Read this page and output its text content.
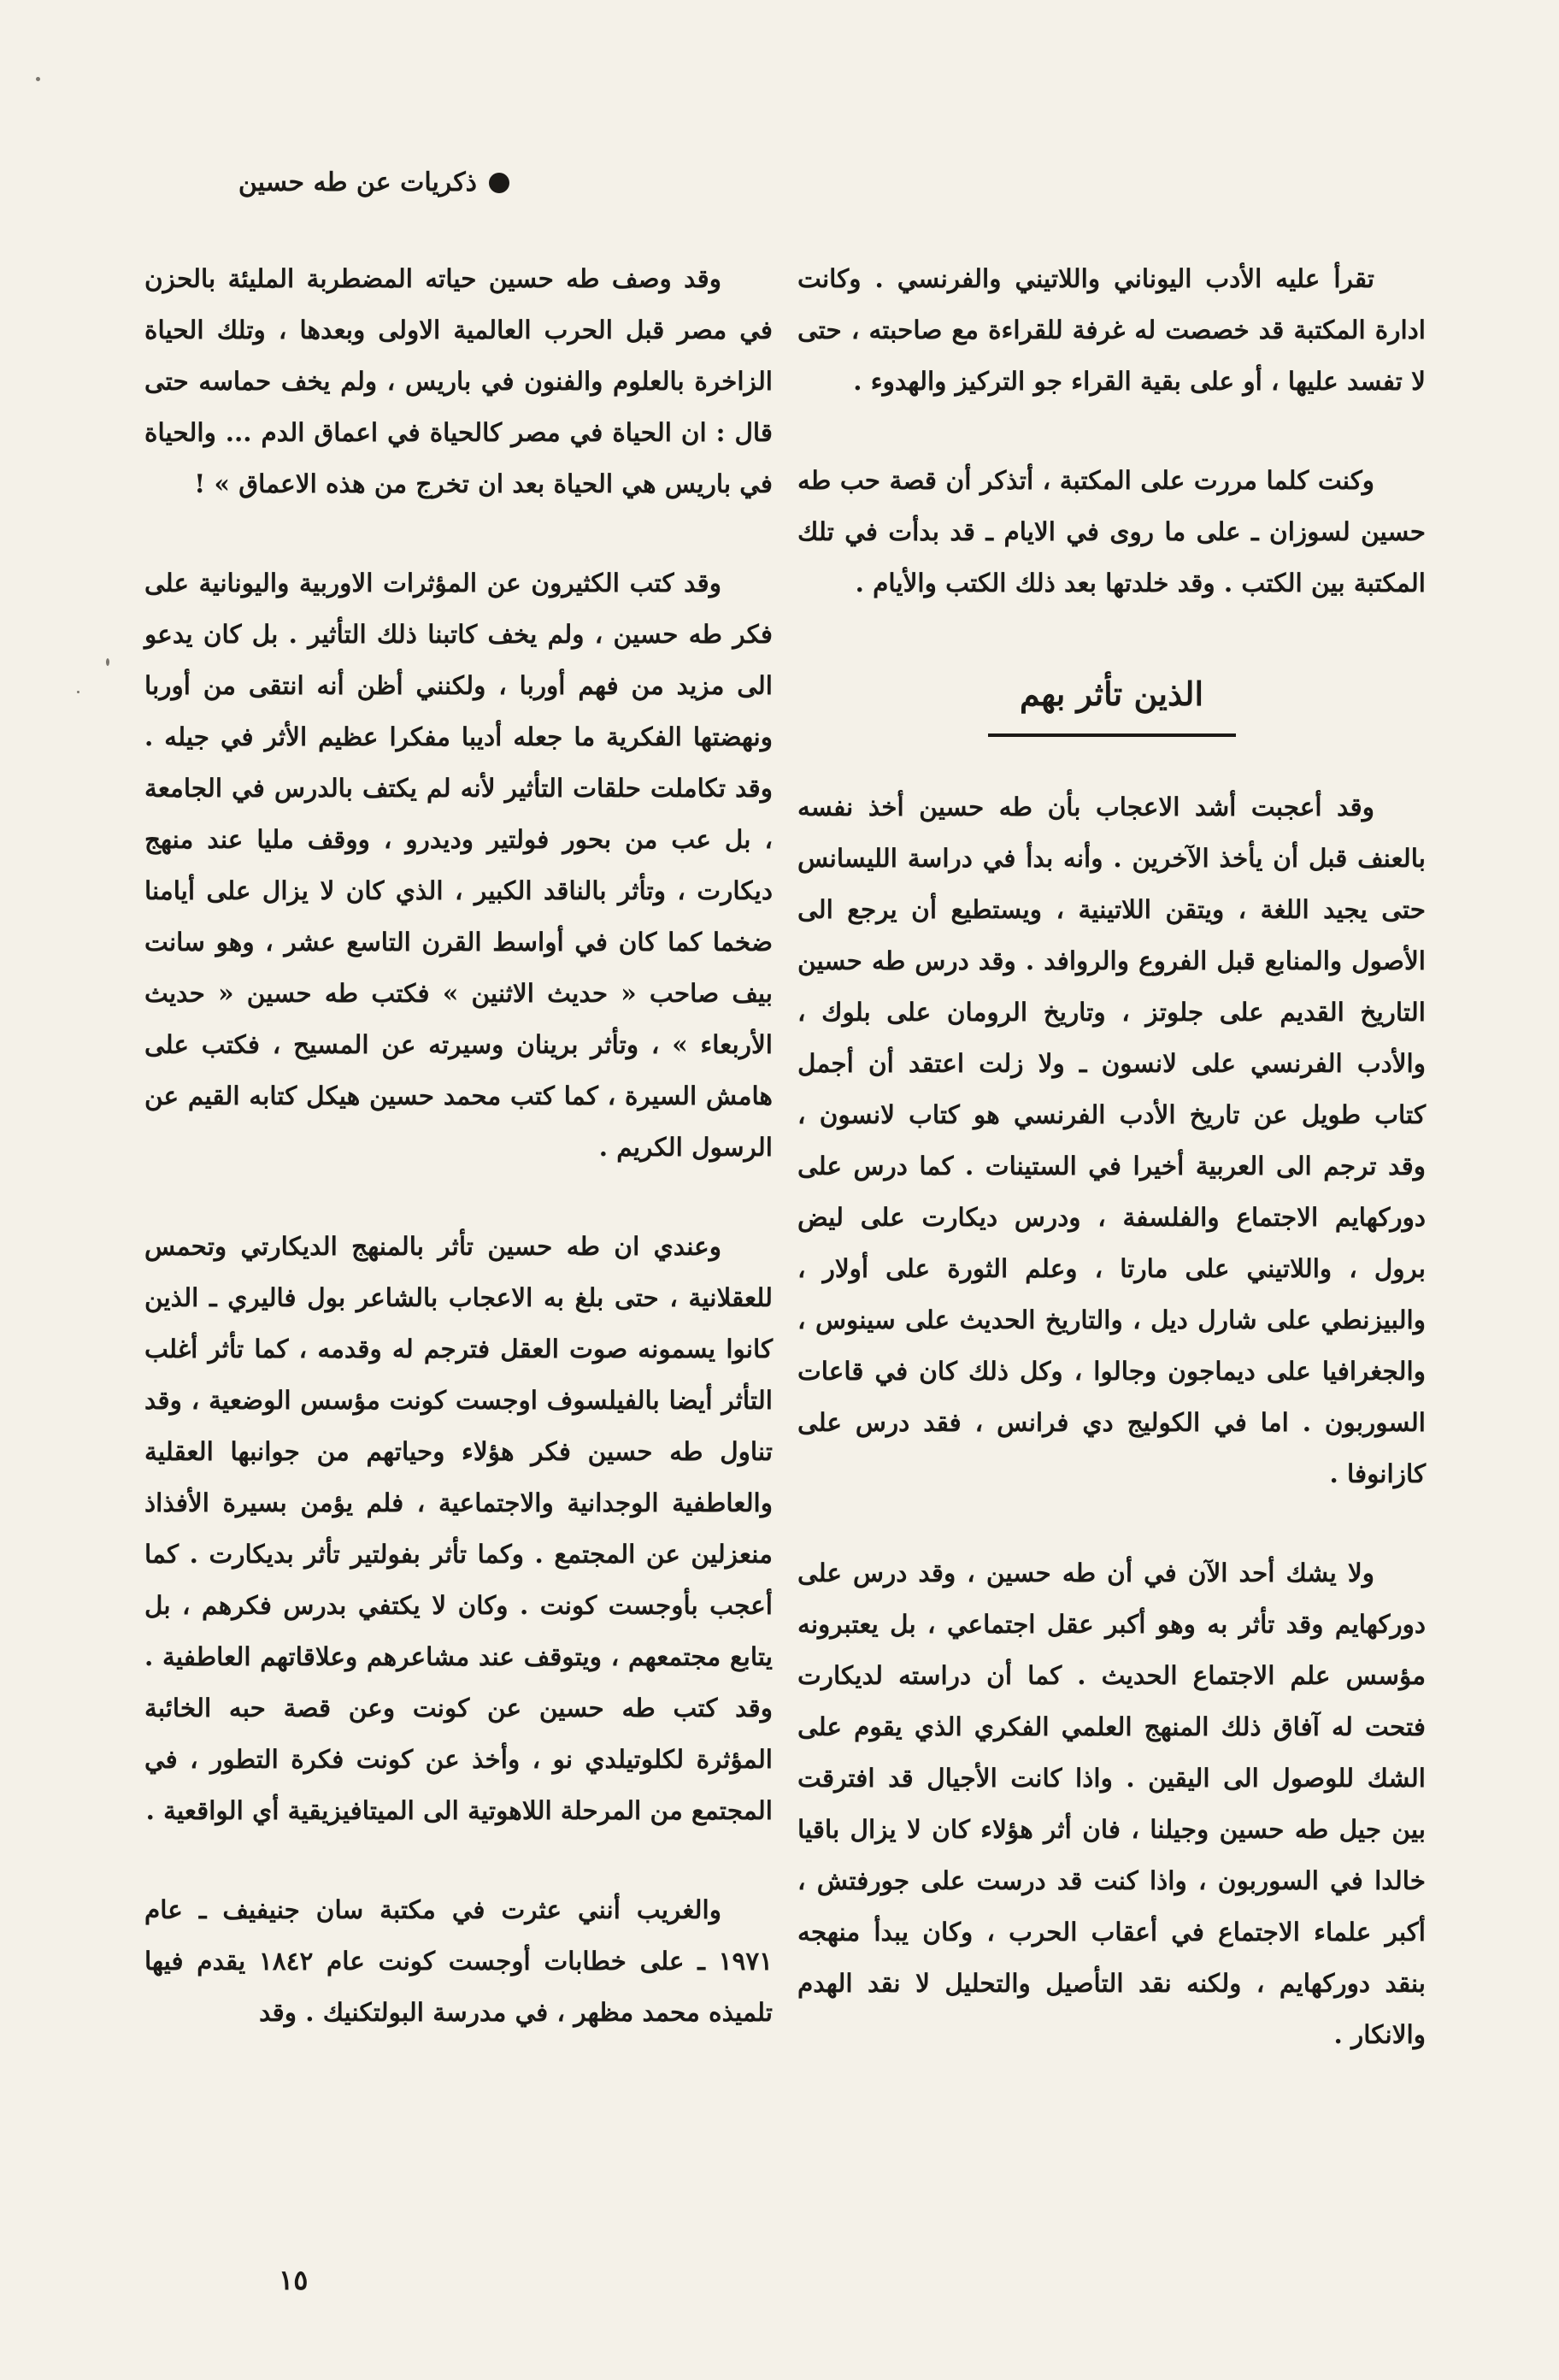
ذكريات عن طه حسين

تقرأ عليه الأدب اليوناني واللاتيني والفرنسي . وكانت ادارة المكتبة قد خصصت له غرفة للقراءة مع صاحبته ، حتى لا تفسد عليها ، أو على بقية القراء جو التركيز والهدوء .

وكنت كلما مررت على المكتبة ، أتذكر أن قصة حب طه حسين لسوزان ـ على ما روى في الايام ـ قد بدأت في تلك المكتبة بين الكتب . وقد خلدتها بعد ذلك الكتب والأيام .

الذين تأثر بهم

وقد أعجبت أشد الاعجاب بأن طه حسين أخذ نفسه بالعنف قبل أن يأخذ الآخرين . وأنه بدأ في دراسة الليسانس حتى يجيد اللغة ، ويتقن اللاتينية ، ويستطيع أن يرجع الى الأصول والمنابع قبل الفروع والروافد . وقد درس طه حسين التاريخ القديم على جلوتز ، وتاريخ الرومان على بلوك ، والأدب الفرنسي على لانسون ـ ولا زلت اعتقد أن أجمل كتاب طويل عن تاريخ الأدب الفرنسي هو كتاب لانسون ، وقد ترجم الى العربية أخيرا في الستينات . كما درس على دوركهايم الاجتماع والفلسفة ، ودرس ديكارت على ليض برول ، واللاتيني على مارتا ، وعلم الثورة على أولار ، والبيزنطي على شارل ديل ، والتاريخ الحديث على سينوس ، والجغرافيا على ديماجون وجالوا ، وكل ذلك كان في قاعات السوربون . اما في الكوليج دي فرانس ، فقد درس على كازانوفا .

ولا يشك أحد الآن في أن طه حسين ، وقد درس على دوركهايم وقد تأثر به وهو أكبر عقل اجتماعي ، بل يعتبرونه مؤسس علم الاجتماع الحديث . كما أن دراسته لديكارت فتحت له آفاق ذلك المنهج العلمي الفكري الذي يقوم على الشك للوصول الى اليقين . واذا كانت الأجيال قد افترقت بين جيل طه حسين وجيلنا ، فان أثر هؤلاء كان لا يزال باقيا خالدا في السوربون ، واذا كنت قد درست على جورفتش ، أكبر علماء الاجتماع في أعقاب الحرب ، وكان يبدأ منهجه بنقد دوركهايم ، ولكنه نقد التأصيل والتحليل لا نقد الهدم والانكار .

وقد وصف طه حسين حياته المضطربة المليئة بالحزن في مصر قبل الحرب العالمية الاولى وبعدها ، وتلك الحياة الزاخرة بالعلوم والفنون في باريس ، ولم يخف حماسه حتى قال : ان الحياة في مصر كالحياة في اعماق الدم ... والحياة في باريس هي الحياة بعد ان تخرج من هذه الاعماق » !

وقد كتب الكثيرون عن المؤثرات الاوربية واليونانية على فكر طه حسين ، ولم يخف كاتبنا ذلك التأثير . بل كان يدعو الى مزيد من فهم أوربا ، ولكنني أظن أنه انتقى من أوربا ونهضتها الفكرية ما جعله أديبا مفكرا عظيم الأثر في جيله . وقد تكاملت حلقات التأثير لأنه لم يكتف بالدرس في الجامعة ، بل عب من بحور فولتير وديدرو ، ووقف مليا عند منهج ديكارت ، وتأثر بالناقد الكبير ، الذي كان لا يزال على أيامنا ضخما كما كان في أواسط القرن التاسع عشر ، وهو سانت بيف صاحب « حديث الاثنين » فكتب طه حسين « حديث الأربعاء » ، وتأثر برينان وسيرته عن المسيح ، فكتب على هامش السيرة ، كما كتب محمد حسين هيكل كتابه القيم عن الرسول الكريم .

وعندي ان طه حسين تأثر بالمنهج الديكارتي وتحمس للعقلانية ، حتى بلغ به الاعجاب بالشاعر بول فاليري ـ الذين كانوا يسمونه صوت العقل فترجم له وقدمه ، كما تأثر أغلب التأثر أيضا بالفيلسوف اوجست كونت مؤسس الوضعية ، وقد تناول طه حسين فكر هؤلاء وحياتهم من جوانبها العقلية والعاطفية الوجدانية والاجتماعية ، فلم يؤمن بسيرة الأفذاذ منعزلين عن المجتمع . وكما تأثر بفولتير تأثر بديكارت . كما أعجب بأوجست كونت . وكان لا يكتفي بدرس فكرهم ، بل يتابع مجتمعهم ، ويتوقف عند مشاعرهم وعلاقاتهم العاطفية . وقد كتب طه حسين عن كونت وعن قصة حبه الخائبة المؤثرة لكلوتيلدي نو ، وأخذ عن كونت فكرة التطور ، في المجتمع من المرحلة اللاهوتية الى الميتافيزيقية أي الواقعية .

والغريب أنني عثرت في مكتبة سان جنيفيف ـ عام ١٩٧١ ـ على خطابات أوجست كونت عام ١٨٤٢ يقدم فيها تلميذه محمد مظهر ، في مدرسة البولتكنيك . وقد

١٥
